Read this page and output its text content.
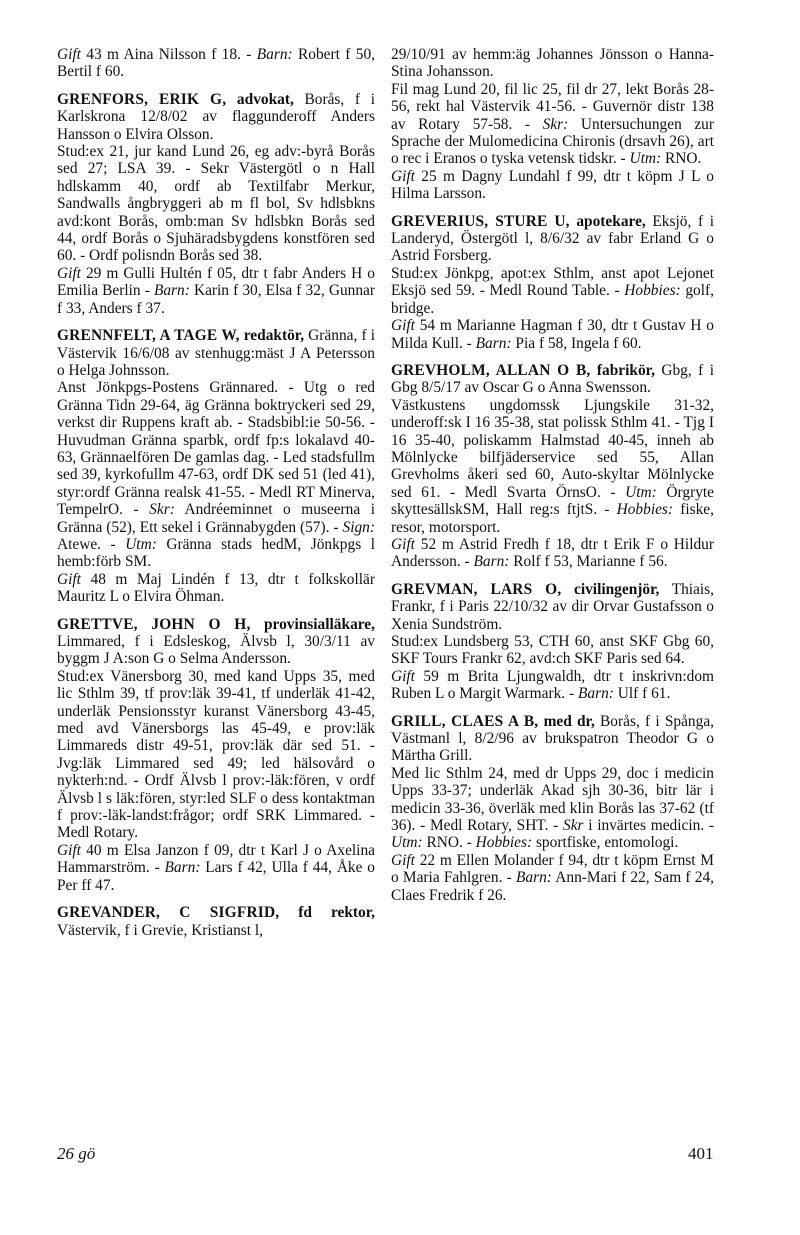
Gift 43 m Aina Nilsson f 18. - Barn: Robert f 50, Bertil f 60.

GRENFORS, ERIK G, advokat, Borås, f i Karlskrona 12/8/02 av flaggunderoff Anders Hansson o Elvira Olsson.

Stud:ex 21, jur kand Lund 26, eg adv:-byrå Borås sed 27; LSA 39. - Sekr Västergötl o n Hall hdlskamm 40, ordf ab Textilfabr Merkur, Sandwalls ångbryggeri ab m fl bol, Sv hdlsbkns avd:kont Borås, omb:man Sv hdlsbkn Borås sed 44, ordf Borås o Sjuhäradsbygdens konstfören sed 60. - Ordf polisndn Borås sed 38.

Gift 29 m Gulli Hultén f 05, dtr t fabr Anders H o Emilia Berlin - Barn: Karin f 30, Elsa f 32, Gunnar f 33, Anders f 37.

GRENNFELT, A TAGE W, redaktör, Gränna, f i Västervik 16/6/08 av stenhugg:mäst J A Petersson o Helga Johnsson.

Anst Jönkpgs-Postens Grännared. - Utg o red Gränna Tidn 29-64, äg Gränna boktryckeri sed 29, verkst dir Ruppens kraft ab. - Stadsbibl:ie 50-56. - Huvudman Gränna sparbk, ordf fp:s lokalavd 40-63, Grännaelfören De gamlas dag. - Led stadsfullm sed 39, kyrkofullm 47-63, ordf DK sed 51 (led 41), styr:ordf Gränna realsk 41-55. - Medl RT Minerva, TempelrO. - Skr: Andréeminnet o museerna i Gränna (52), Ett sekel i Grännabygden (57). - Sign: Atewe. - Utm: Gränna stads hedM, Jönkpgs l hemb:förb SM.

Gift 48 m Maj Lindén f 13, dtr t folkskollär Mauritz L o Elvira Öhman.

GRETTVE, JOHN O H, provinsialläkare, Limmared, f i Edsleskog, Älvsb l, 30/3/11 av byggm J A:son G o Selma Andersson.

Stud:ex Vänersborg 30, med kand Upps 35, med lic Sthlm 39, tf prov:läk 39-41, tf underläk 41-42, underläk Pensionsstyr kuranst Vänersborg 43-45, med avd Vänersborgs las 45-49, e prov:läk Limmareds distr 49-51, prov:läk där sed 51. - Jvg:läk Limmared sed 49; led hälsovård o nykterh:nd. - Ordf Älvsb l prov:-läk:fören, v ordf Älvsb l s läk:fören, styr:led SLF o dess kontaktman f prov:-läk-landst:frågor; ordf SRK Limmared. - Medl Rotary.

Gift 40 m Elsa Janzon f 09, dtr t Karl J o Axelina Hammarström. - Barn: Lars f 42, Ulla f 44, Åke o Per ff 47.

GREVANDER, C SIGFRID, fd rektor, Västervik, f i Grevie, Kristianst l,

29/10/91 av hemm:äg Johannes Jönsson o Hanna-Stina Johansson.

Fil mag Lund 20, fil lic 25, fil dr 27, lekt Borås 28-56, rekt hal Västervik 41-56. - Guvernör distr 138 av Rotary 57-58. - Skr: Untersuchungen zur Sprache der Mulomedicina Chironis (drsavh 26), art o rec i Eranos o tyska vetensk tidskr. - Utm: RNO.

Gift 25 m Dagny Lundahl f 99, dtr t köpm J L o Hilma Larsson.

GREVERIUS, STURE U, apotekare, Eksjö, f i Landeryd, Östergötl l, 8/6/32 av fabr Erland G o Astrid Forsberg.

Stud:ex Jönkpg, apot:ex Sthlm, anst apot Lejonet Eksjö sed 59. - Medl Round Table. - Hobbies: golf, bridge.

Gift 54 m Marianne Hagman f 30, dtr t Gustav H o Milda Kull. - Barn: Pia f 58, Ingela f 60.

GREVHOLM, ALLAN O B, fabrikör, Gbg, f i Gbg 8/5/17 av Oscar G o Anna Swensson.

Västkustens ungdomssk Ljungskile 31-32, underoff:sk I 16 35-38, stat polissk Sthlm 41. - Tjg I 16 35-40, poliskamm Halmstad 40-45, inneh ab Mölnlycke bilfjäderservice sed 55, Allan Grevholms åkeri sed 60, Auto-skyltar Mölnlycke sed 61. - Medl Svarta ÖrnsO. - Utm: Örgryte skyttesällskSM, Hall reg:s ftjtS. - Hobbies: fiske, resor, motorsport.

Gift 52 m Astrid Fredh f 18, dtr t Erik F o Hildur Andersson. - Barn: Rolf f 53, Marianne f 56.

GREVMAN, LARS O, civilingenjör, Thiais, Frankr, f i Paris 22/10/32 av dir Orvar Gustafsson o Xenia Sundström.

Stud:ex Lundsberg 53, CTH 60, anst SKF Gbg 60, SKF Tours Frankr 62, avd:ch SKF Paris sed 64.

Gift 59 m Brita Ljungwaldh, dtr t inskrivn:dom Ruben L o Margit Warmark. - Barn: Ulf f 61.

GRILL, CLAES A B, med dr, Borås, f i Spånga, Västmanl l, 8/2/96 av brukspatron Theodor G o Märtha Grill.

Med lic Sthlm 24, med dr Upps 29, doc i medicin Upps 33-37; underläk Akad sjh 30-36, bitr lär i medicin 33-36, överläk med klin Borås las 37-62 (tf 36). - Medl Rotary, SHT. - Skr i invärtes medicin. - Utm: RNO. - Hobbies: sportfiske, entomologi.

Gift 22 m Ellen Molander f 94, dtr t köpm Ernst M o Maria Fahlgren. - Barn: Ann-Mari f 22, Sam f 24, Claes Fredrik f 26.

26 gö	401
